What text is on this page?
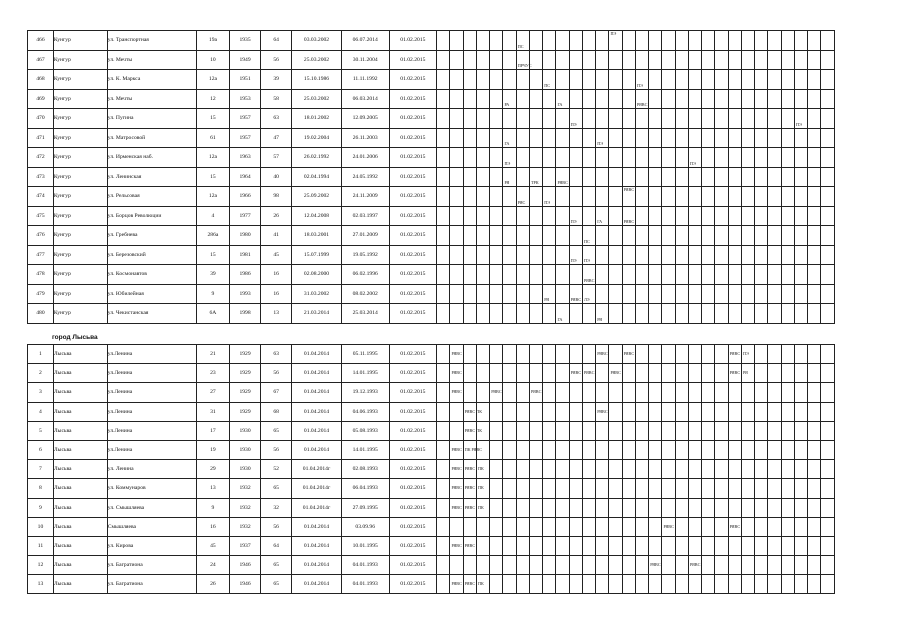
466	Кунгур	ул. Транспортная	19а	1935	64	03.03.2002	06.07.2014	01.02.2015							ПС							ПЭ																

467	Кунгур	ул. Мечты	10	1949	56	25.03.2002	30.11.2004	01.02.2015							ПРЧУС																							

468	Кунгур	ул. К. Маркса	12а	1951	39	15.10.1986	11.11.1992	01.02.2015									ПС							ПЭ														

469	Кунгур	ул. Мечты	12	1953	58	25.03.2002	06.03.2014	01.02.2015						РА				ГА						РЯВС														

470	Кунгур	ул. Пугина	15	1957	63	18.01.2002	12.09.2005	01.02.2015											ПЭ																	ПЭ		

471	Кунгур	ул. Матросовой	61	1957	47	19.02.2004	26.11.2003	01.02.2015						ГА							ПЭ																	

472	Кунгур	ул. Ирменская наб.	12а	1963	57	26.02.1992	24.01.2006	01.02.2015						ПЭ														ПЭ										

473	Кунгур	ул. Ленинская	15	1964	40	02.04.1994	24.05.1992	01.02.2015						РЯ		ТРК		РЯВС																				

474	Кунгур	ул. Рельсовая	12а	1966	98	25.09.2002	24.11.2009	01.02.2015							РЯС		ПЭ						РЯВС															

475	Кунгур	ул. Борцов Революции	4	1977	26	12.04.2008	02.03.1997	01.02.2015											ПЭ		ГА		РЯВС															

476	Кунгур	ул. Гребнева	286а	1980	41	18.03.2001	27.01.2009	01.02.2015												ПС																		

477	Кунгур	ул. Березовский	15	1981	45	15.07.1999	19.05.1992	01.02.2015											ПЭ	ПЭ																		

478	Кунгур	ул. Космонавтов	39	1986	16	02.08.2000	06.02.1996	01.02.2015												РЯВС																		

479	Кунгур	ул. Юбилейная	9	1993	16	31.03.2002	08.02.2002	01.02.2015									РЯ		РЯВС	ЛЭ																		

480	Кунгур	ул. Чекистанская	6А	1998	13	21.03.2014	25.03.2014	01.02.2015										ГА			РЯ																	

город Лысьва
1	Лысьва	ул.Ленина	21	1929	63	01.04.2014	05.11.1995	01.02.2015		РЯВС											РЯВС		РЯВС								РЯВС	ПЭ						

2	Лысьва	ул.Ленина	23	1929	56	01.04.2014	14.01.1995	01.02.2015		РЯВС									РЯВС	РЯВС		РЯВС									РЯВС	РЯ						

3	Лысьва	ул.Ленина	27	1929	67	01.04.2014	19.12.1993	01.02.2015		РЯВС			РЯВС			РЯВС																						

4	Лысьва	ул.Ленина	31	1929	68	01.04.2014	04.06.1993	01.02.2015			РЯВС ПК										РЯВС																	

5	Лысьва	ул.Ленина	17	1930	65	01.04.2014	05.08.1993	01.02.2015			РЯВС ПК																											

6	Лысьва	ул.Ленина	19	1930	56	01.04.2014	14.01.1995	01.02.2015		РЯВС	ПК РЯВС																											

7	Лысьва	ул. Ленина	29	1930	52	01.04.2014г	02.08.1993	01.02.2015		РЯВС	РЯВС	ПК																										

8	Лысьва	ул. Коммунаров	13	1932	65	01.04.2014г	06.04.1993	01.02.2015		РЯВС	РЯВС	ПК																										

9	Лысьва	ул. Смышляева	9	1932	32	01.04.2014г	27.09.1995	01.02.2015		РЯВС	РЯВС	ПК																										

10	Лысьва	Смышляева	16	1932	56	01.04.2014	03.09.96	01.02.2015																		РЯВС					РЯВС							

11	Лысьва	ул. Кирова	45	1937	64	01.04.2014	10.01.1995	01.02.2015		РЯВС	РЯВС																											

12	Лысьва	ул. Багратиона	24	1946	65	01.04.2014	04.01.1993	01.02.2015																	РЯВС			РЯВС										

13	Лысьва	ул. Багратиона	26	1946	65	01.04.2014	04.01.1993	01.02.2015		РЯВС	РЯВС	ПК																										
